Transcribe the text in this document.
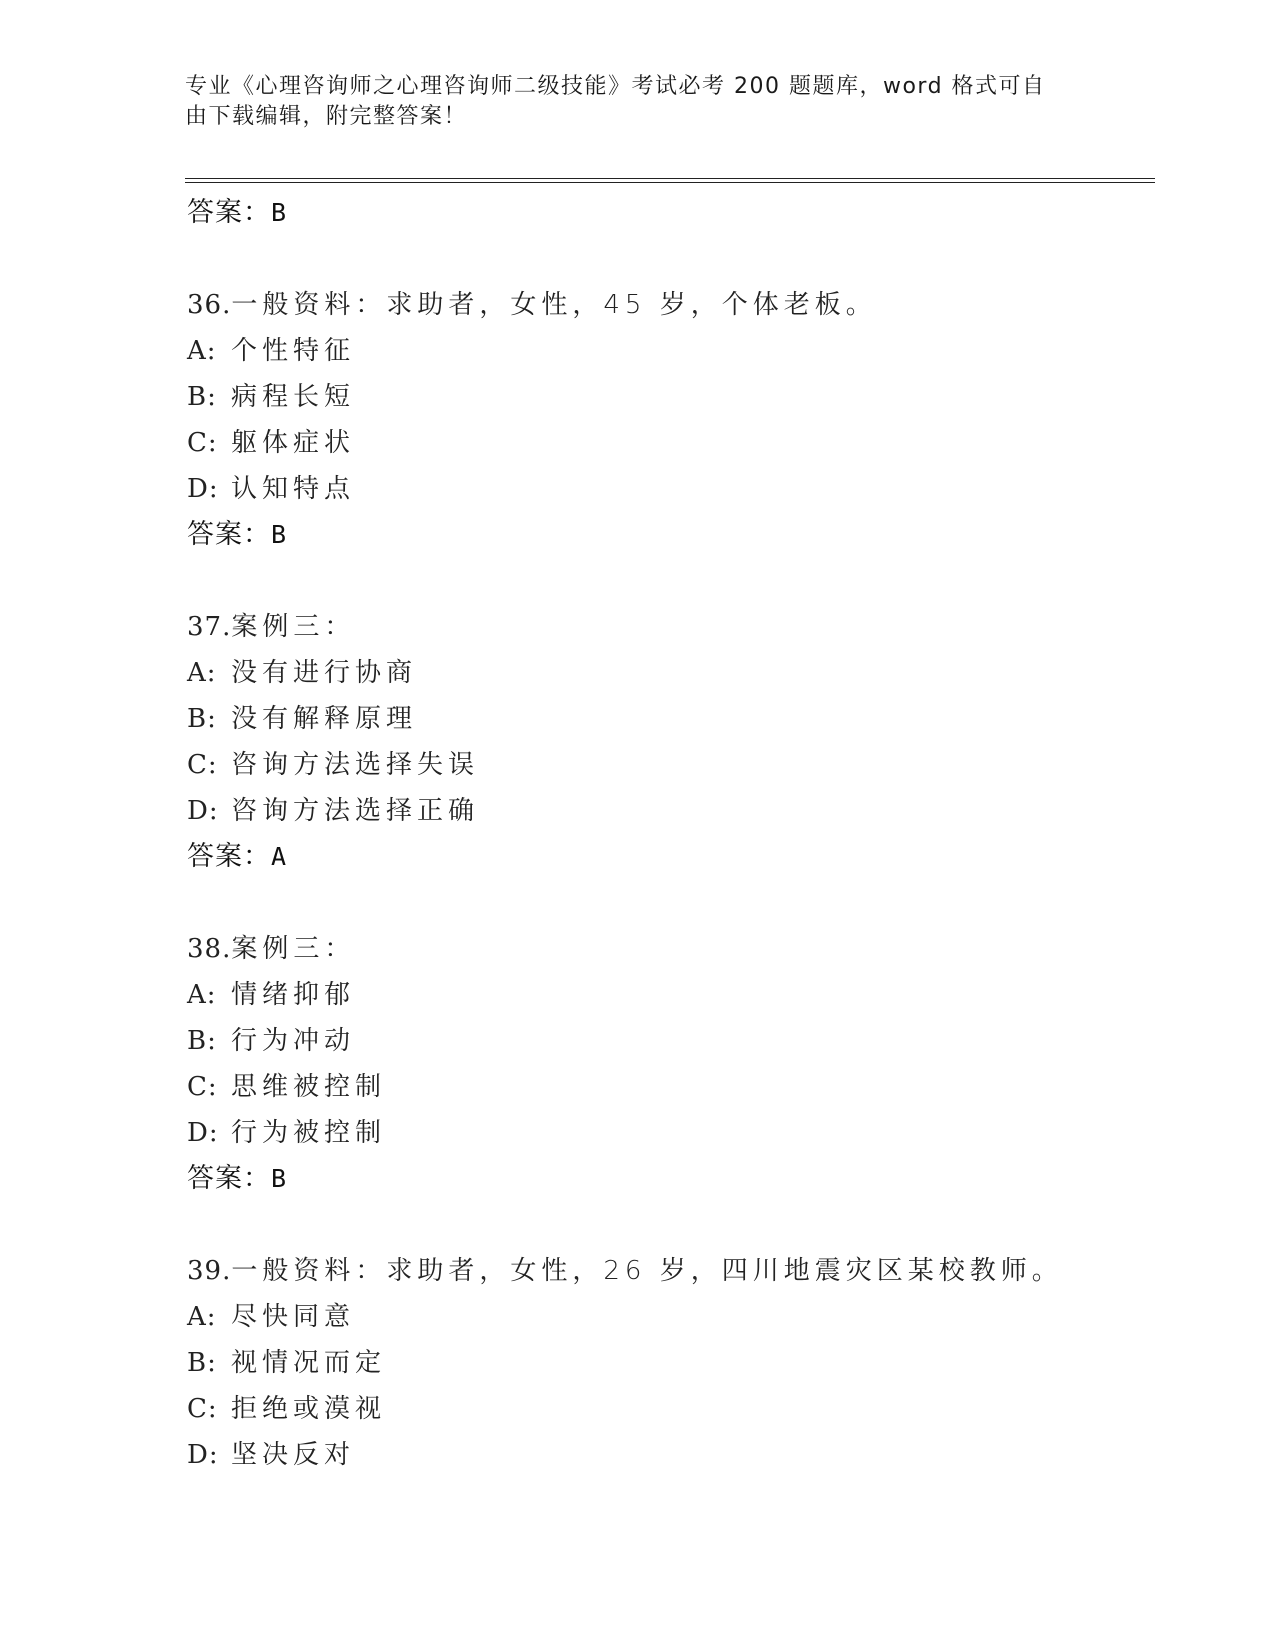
专业《心理咨询师之心理咨询师二级技能》考试必考 200 题题库，word 格式可自
由下载编辑，附完整答案！
答案：B
36.一般资料：求助者，女性，45 岁，个体老板。
A: 个性特征
B: 病程长短
C: 躯体症状
D: 认知特点
答案：B
37.案例三：
A: 没有进行协商
B: 没有解释原理
C: 咨询方法选择失误
D: 咨询方法选择正确
答案：A
38.案例三：
A: 情绪抑郁
B: 行为冲动
C: 思维被控制
D: 行为被控制
答案：B
39.一般资料：求助者，女性，26 岁，四川地震灾区某校教师。
A: 尽快同意
B: 视情况而定
C: 拒绝或漠视
D: 坚决反对
